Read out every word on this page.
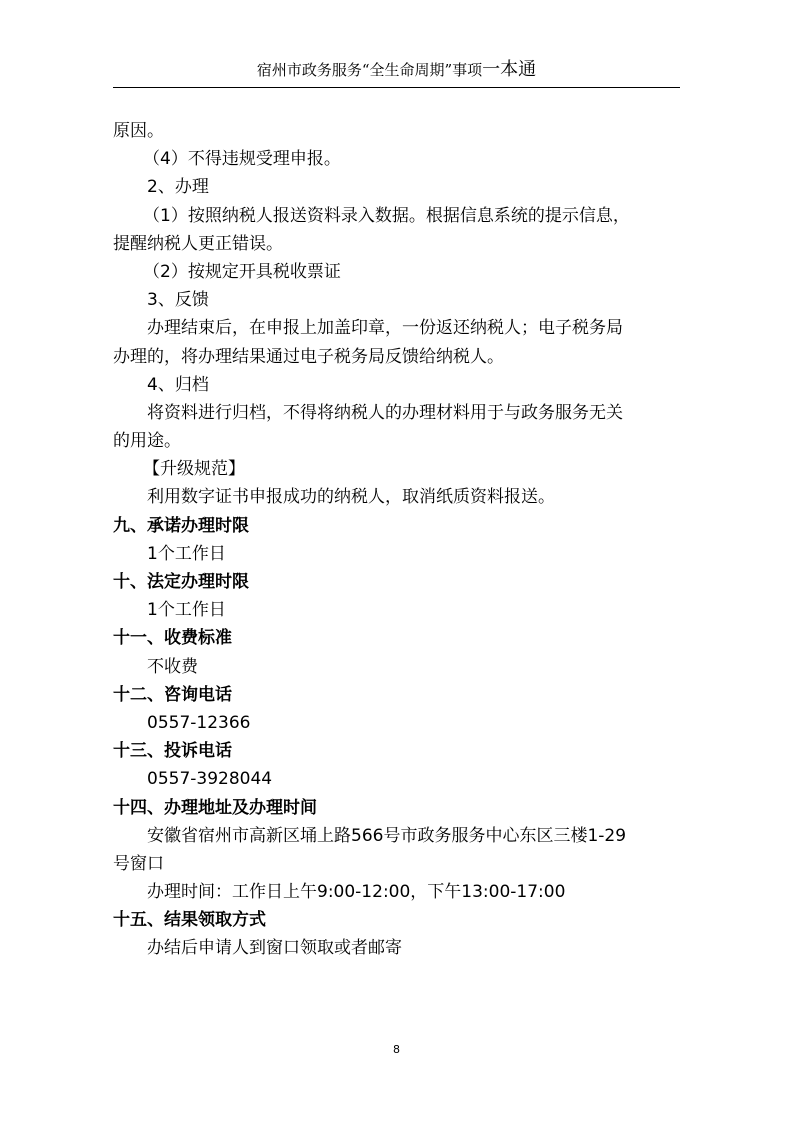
宿州市政务服务“全生命周期”事项一本通
原因。
（4）不得违规受理申报。
2、办理
（1）按照纳税人报送资料录入数据。根据信息系统的提示信息，
提醒纳税人更正错误。
（2）按规定开具税收票证
3、反馈
办理结束后，在申报上加盖印章，一份返还纳税人；电子税务局
办理的，将办理结果通过电子税务局反馈给纳税人。
4、归档
将资料进行归档，不得将纳税人的办理材料用于与政务服务无关
的用途。
【升级规范】
利用数字证书申报成功的纳税人，取消纸质资料报送。
九、承诺办理时限
1个工作日
十、法定办理时限
1个工作日
十一、收费标准
不收费
十二、咨询电话
0557-12366
十三、投诉电话
0557-3928044
十四、办理地址及办理时间
安徽省宿州市高新区埇上路566号市政务服务中心东区三楼1-29
号窗口
办理时间：工作日上午9:00-12:00，下午13:00-17:00
十五、结果领取方式
办结后申请人到窗口领取或者邮寄
8
